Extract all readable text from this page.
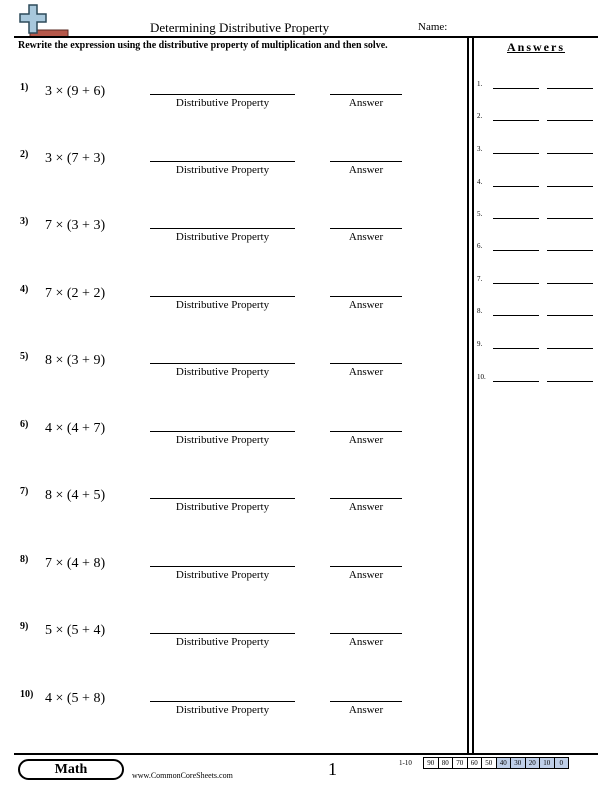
Determining Distributive Property	Name:
Rewrite the expression using the distributive property of multiplication and then solve.
1)	3 × (9 + 6)
Distributive Property	Answer
2)	3 × (7 + 3)
Distributive Property	Answer
3)	7 × (3 + 3)
Distributive Property	Answer
4)	7 × (2 + 2)
Distributive Property	Answer
5)	8 × (3 + 9)
Distributive Property	Answer
6)	4 × (4 + 7)
Distributive Property	Answer
7)	8 × (4 + 5)
Distributive Property	Answer
8)	7 × (4 + 8)
Distributive Property	Answer
9)	5 × (5 + 4)
Distributive Property	Answer
10) 4 × (5 + 8)
Distributive Property	Answer
Answers
1.
2.
3.
4.
5.
6.
7.
8.
9.
10.
Math	www.CommonCoreSheets.com	1	1-10	90	80	70	60	50	40	30	20	10	0
